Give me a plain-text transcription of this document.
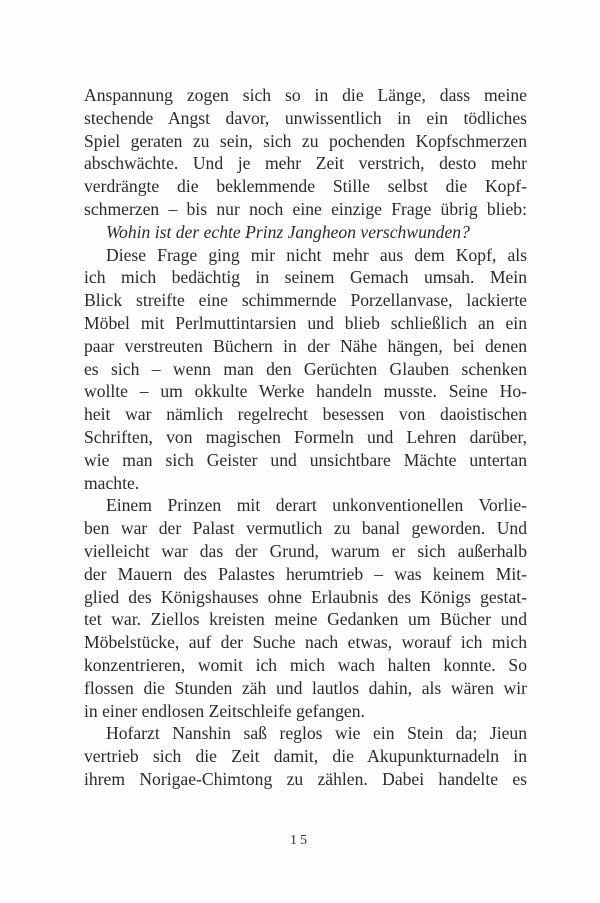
Anspannung zogen sich so in die Länge, dass meine
stechende Angst davor, unwissentlich in ein tödliches
Spiel geraten zu sein, sich zu pochenden Kopfschmerzen
abschwächte. Und je mehr Zeit verstrich, desto mehr
verdrängte die beklemmende Stille selbst die Kopf-
schmerzen – bis nur noch eine einzige Frage übrig blieb:
Wohin ist der echte Prinz Jangheon verschwunden?
Diese Frage ging mir nicht mehr aus dem Kopf, als
ich mich bedächtig in seinem Gemach umsah. Mein
Blick streifte eine schimmernde Porzellanvase, lackierte
Möbel mit Perlmuttintarsien und blieb schließlich an ein
paar verstreuten Büchern in der Nähe hängen, bei denen
es sich – wenn man den Gerüchten Glauben schenken
wollte – um okkulte Werke handeln musste. Seine Ho-
heit war nämlich regelrecht besessen von daoistischen
Schriften, von magischen Formeln und Lehren darüber,
wie man sich Geister und unsichtbare Mächte untertan
machte.
Einem Prinzen mit derart unkonventionellen Vorlie-
ben war der Palast vermutlich zu banal geworden. Und
vielleicht war das der Grund, warum er sich außerhalb
der Mauern des Palastes herumtrieb – was keinem Mit-
glied des Königshauses ohne Erlaubnis des Königs gestat-
tet war. Ziellos kreisten meine Gedanken um Bücher und
Möbelstücke, auf der Suche nach etwas, worauf ich mich
konzentrieren, womit ich mich wach halten konnte. So
flossen die Stunden zäh und lautlos dahin, als wären wir
in einer endlosen Zeitschleife gefangen.
Hofarzt Nanshin saß reglos wie ein Stein da; Jieun
vertrieb sich die Zeit damit, die Akupunkturnadeln in
ihrem Norigae-Chimtong zu zählen. Dabei handelte es
15
